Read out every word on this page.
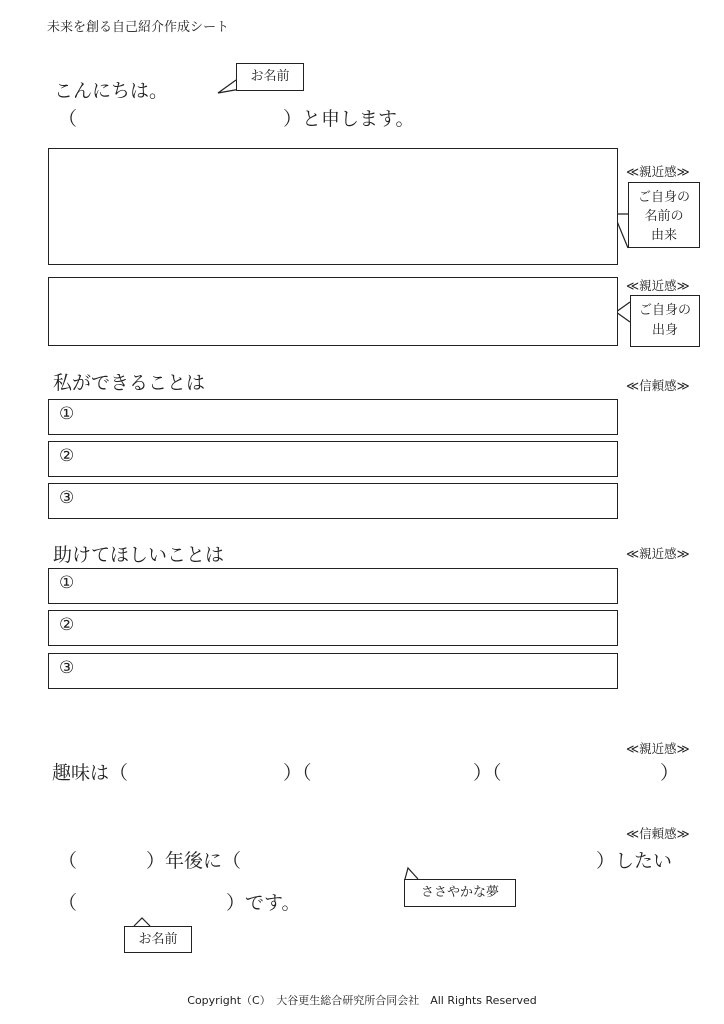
未来を創る自己紹介作成シート
こんにちは。
（	）と申します。
お名前
≪親近感≫
ご自身の
名前の
由来
≪親近感≫
ご自身の
出身
私ができることは	≪信頼感≫
①
②
③
助けてほしいことは	≪親近感≫
①
②
③
≪親近感≫
趣味は（	）（	）（	）
≪信頼感≫
（	）年後に（	）したい
（	）です。	ささやかな夢
お名前
Copyright（C）　大谷更生総合研究所合同会社　All Rights Reserved
